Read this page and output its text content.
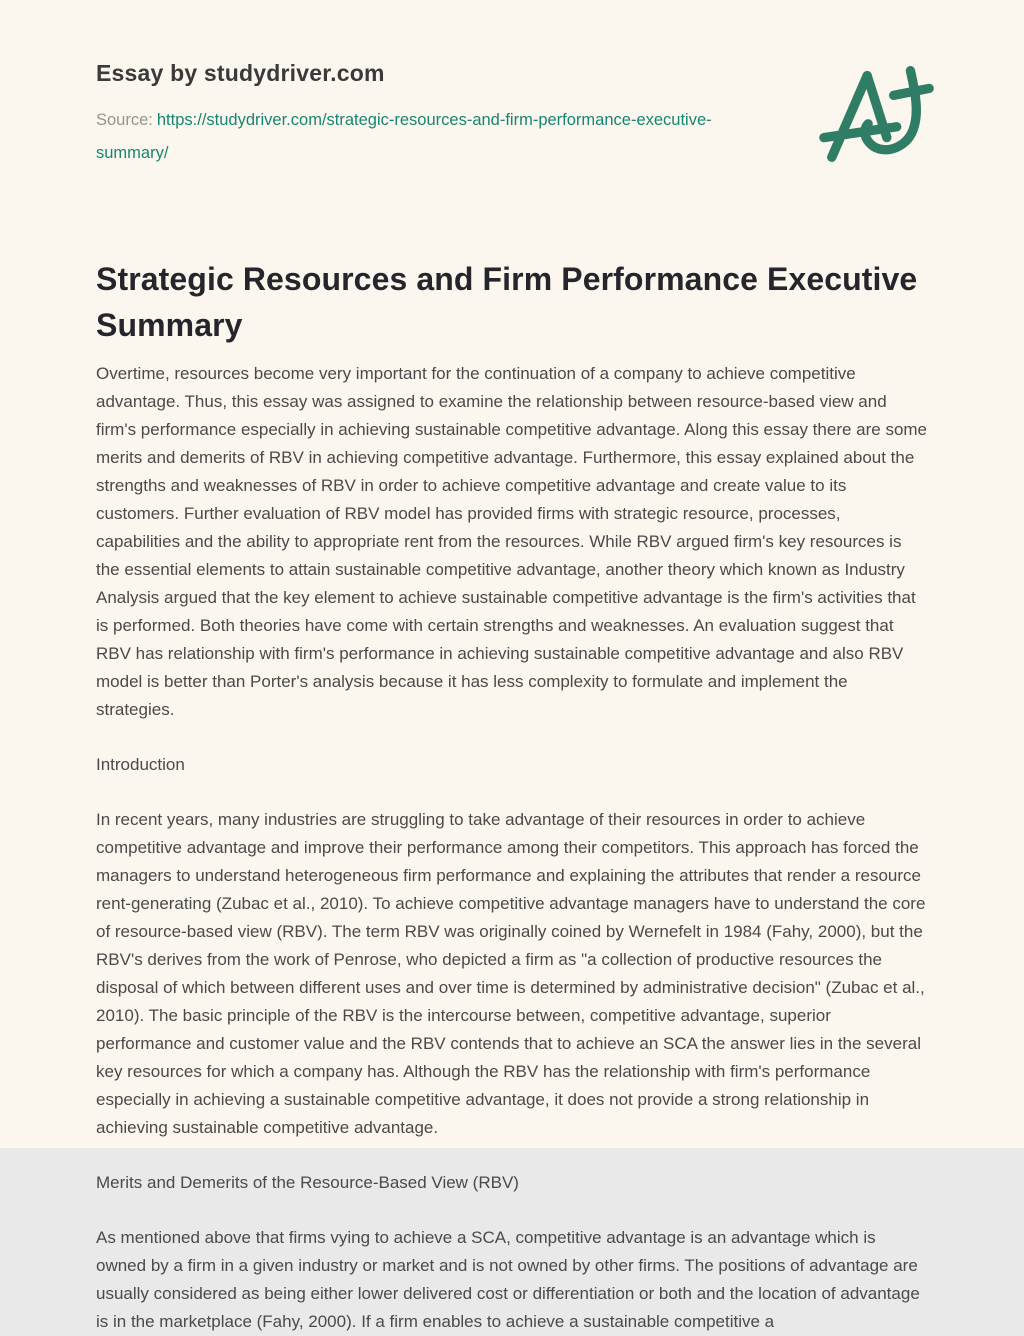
Essay by studydriver.com
Source: https://studydriver.com/strategic-resources-and-firm-performance-executive-summary/
Strategic Resources and Firm Performance Executive Summary

Overtime, resources become very important for the continuation of a company to achieve competitive advantage. Thus, this essay was assigned to examine the relationship between resource-based view and firm's performance especially in achieving sustainable competitive advantage. Along this essay there are some merits and demerits of RBV in achieving competitive advantage. Furthermore, this essay explained about the strengths and weaknesses of RBV in order to achieve competitive advantage and create value to its customers. Further evaluation of RBV model has provided firms with strategic resource, processes, capabilities and the ability to appropriate rent from the resources. While RBV argued firm's key resources is the essential elements to attain sustainable competitive advantage, another theory which known as Industry Analysis argued that the key element to achieve sustainable competitive advantage is the firm's activities that is performed. Both theories have come with certain strengths and weaknesses. An evaluation suggest that RBV has relationship with firm's performance in achieving sustainable competitive advantage and also RBV model is better than Porter's analysis because it has less complexity to formulate and implement the strategies.

Introduction

In recent years, many industries are struggling to take advantage of their resources in order to achieve competitive advantage and improve their performance among their competitors. This approach has forced the managers to understand heterogeneous firm performance and explaining the attributes that render a resource rent-generating (Zubac et al., 2010). To achieve competitive advantage managers have to understand the core of resource-based view (RBV). The term RBV was originally coined by Wernefelt in 1984 (Fahy, 2000), but the RBV's derives from the work of Penrose, who depicted a firm as "a collection of productive resources the disposal of which between different uses and over time is determined by administrative decision" (Zubac et al., 2010). The basic principle of the RBV is the intercourse between, competitive advantage, superior performance and customer value and the RBV contends that to achieve an SCA the answer lies in the several key resources for which a company has. Although the RBV has the relationship with firm's performance especially in achieving a sustainable competitive advantage, it does not provide a strong relationship in achieving sustainable competitive advantage.

Merits and Demerits of the Resource-Based View (RBV)

As mentioned above that firms vying to achieve a SCA, competitive advantage is an advantage which is owned by a firm in a given industry or market and is not owned by other firms. The positions of advantage are usually considered as being either lower delivered cost or differentiation or both and the location of advantage is in the marketplace (Fahy, 2000). If a firm enables to achieve a sustainable competitive a
